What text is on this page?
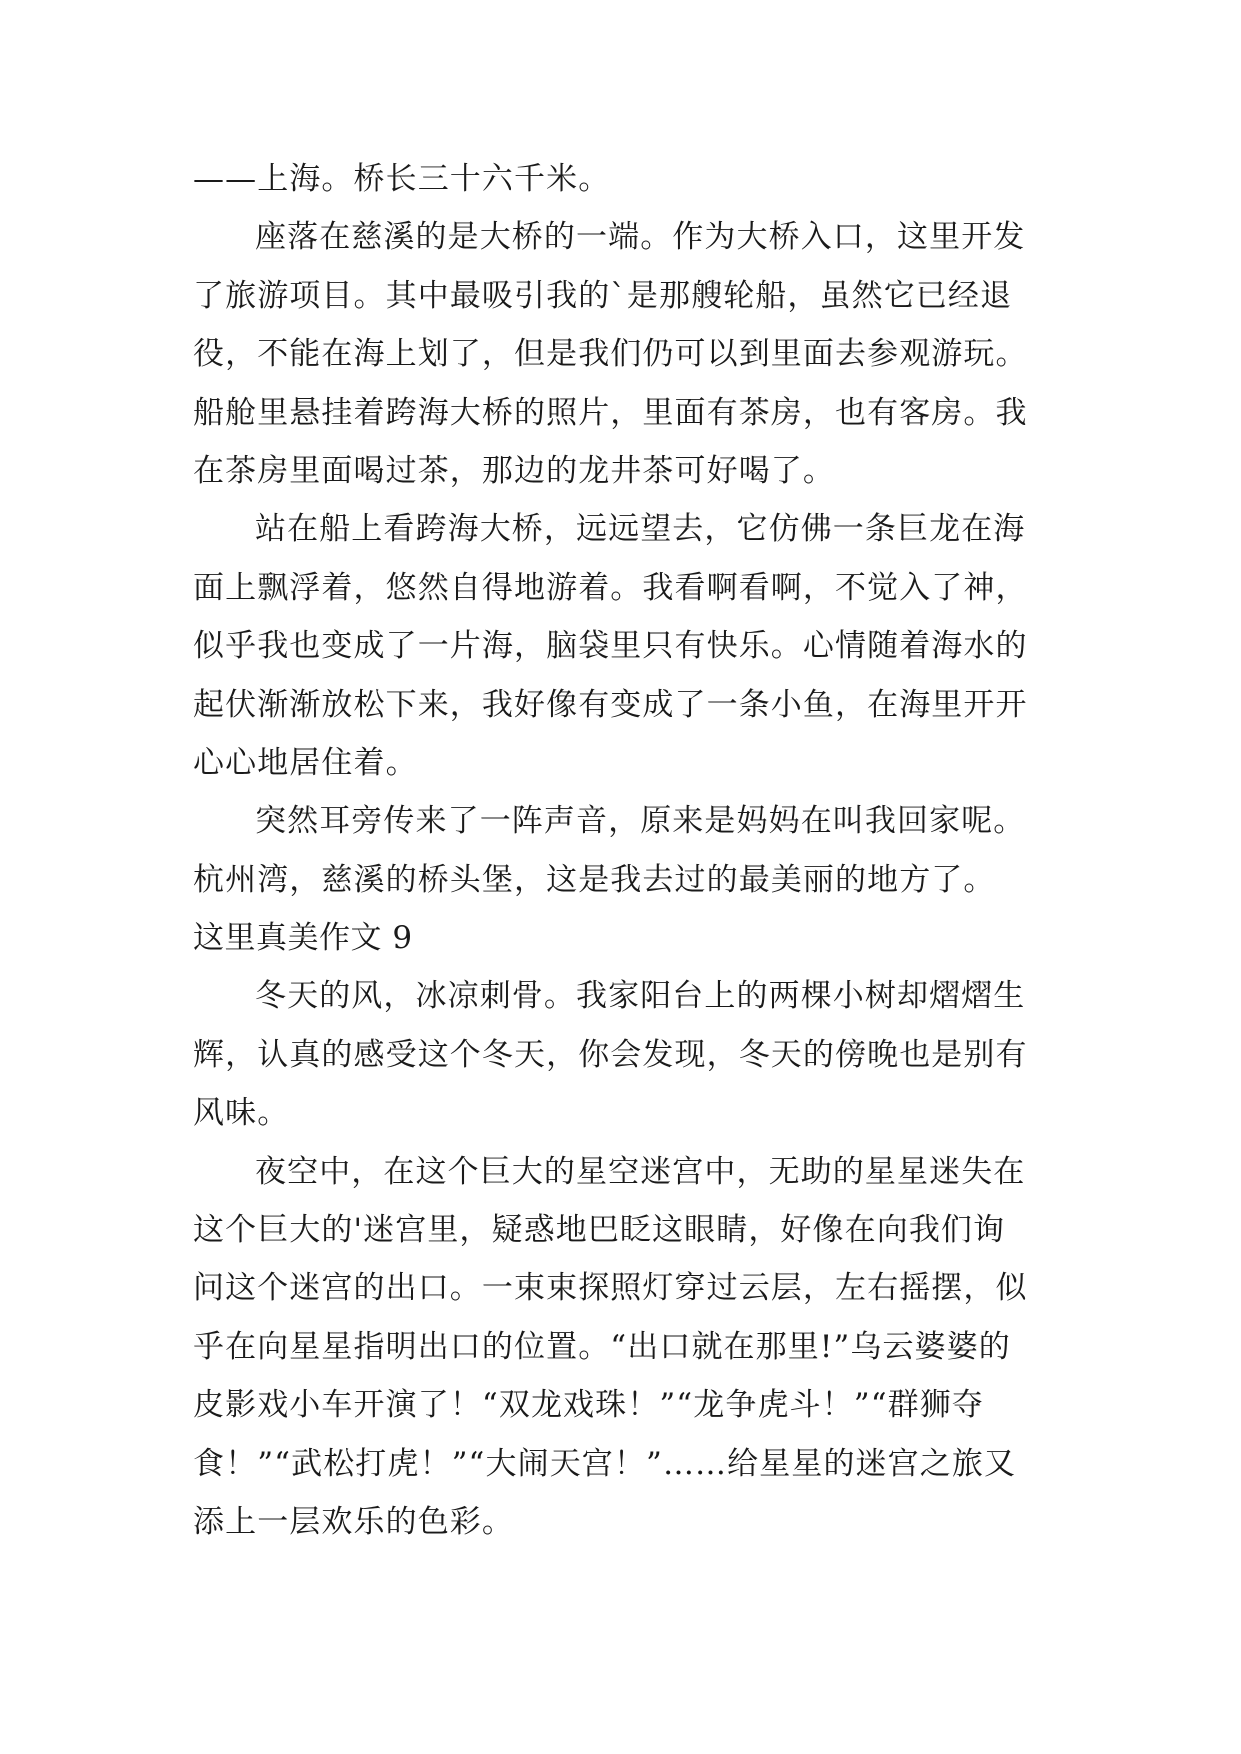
——上海。桥长三十六千米。
座落在慈溪的是大桥的一端。作为大桥入口，这里开发
了旅游项目。其中最吸引我的`是那艘轮船，虽然它已经退
役，不能在海上划了，但是我们仍可以到里面去参观游玩。
船舱里悬挂着跨海大桥的照片，里面有茶房，也有客房。我
在茶房里面喝过茶，那边的龙井茶可好喝了。
站在船上看跨海大桥，远远望去，它仿佛一条巨龙在海
面上飘浮着，悠然自得地游着。我看啊看啊，不觉入了神，
似乎我也变成了一片海，脑袋里只有快乐。心情随着海水的
起伏渐渐放松下来，我好像有变成了一条小鱼，在海里开开
心心地居住着。
突然耳旁传来了一阵声音，原来是妈妈在叫我回家呢。
杭州湾，慈溪的桥头堡，这是我去过的最美丽的地方了。
这里真美作文 9
冬天的风，冰凉刺骨。我家阳台上的两棵小树却熠熠生
辉，认真的感受这个冬天，你会发现，冬天的傍晚也是别有
风味。
夜空中，在这个巨大的星空迷宫中，无助的星星迷失在
这个巨大的'迷宫里，疑惑地巴眨这眼睛，好像在向我们询
问这个迷宫的出口。一束束探照灯穿过云层，左右摇摆，似
乎在向星星指明出口的位置。“出口就在那里!”乌云婆婆的
皮影戏小车开演了！“双龙戏珠！”“龙争虎斗！”“群狮夺
食！”“武松打虎！”“大闹天宫！”……给星星的迷宫之旅又
添上一层欢乐的色彩。
